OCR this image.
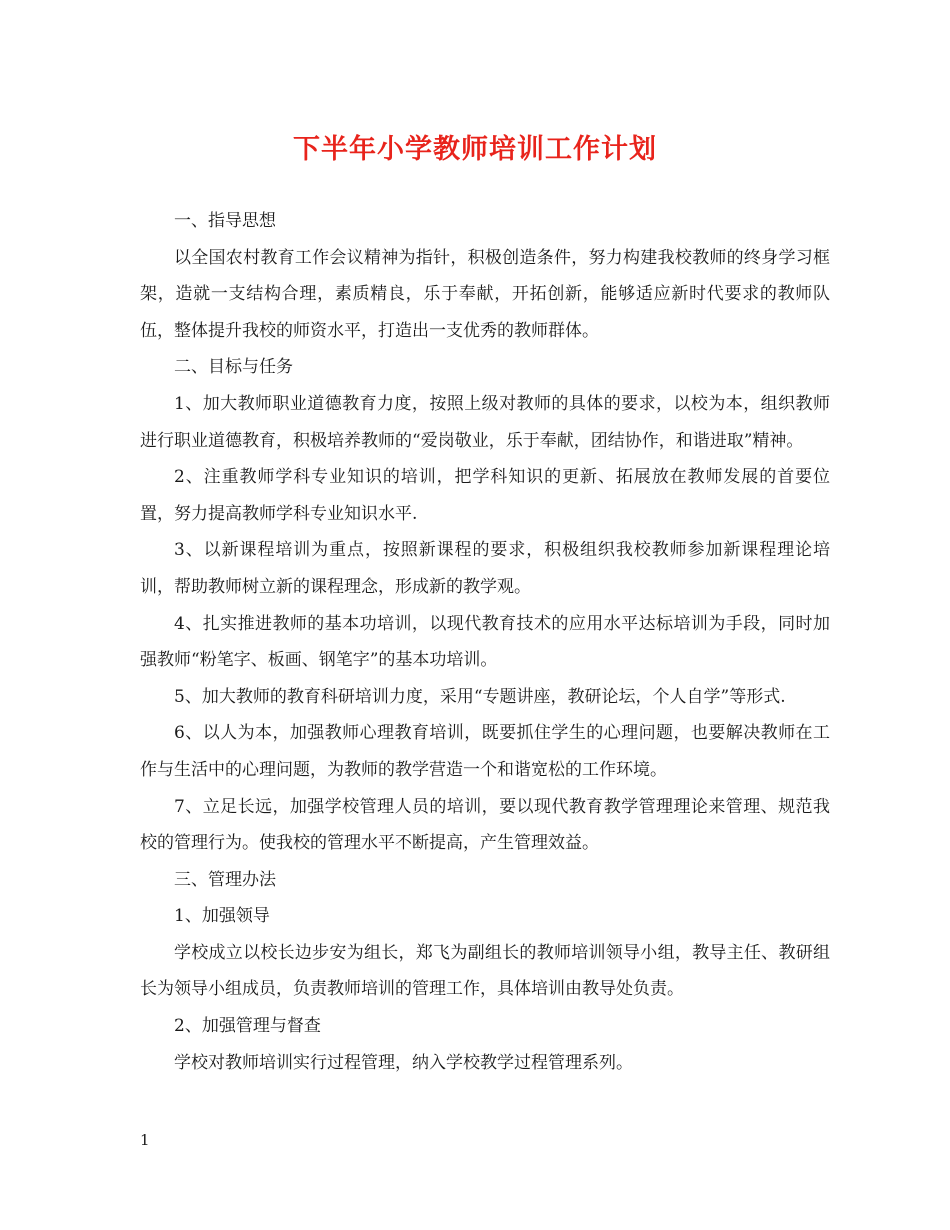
下半年小学教师培训工作计划

一、指导思想

以全国农村教育工作会议精神为指针，积极创造条件，努力构建我校教师的终身学习框架，造就一支结构合理，素质精良，乐于奉献，开拓创新，能够适应新时代要求的教师队伍，整体提升我校的师资水平，打造出一支优秀的教师群体。

二、目标与任务

1、加大教师职业道德教育力度，按照上级对教师的具体的要求，以校为本，组织教师进行职业道德教育，积极培养教师的“爱岗敬业，乐于奉献，团结协作，和谐进取”精神。

2、注重教师学科专业知识的培训，把学科知识的更新、拓展放在教师发展的首要位置，努力提高教师学科专业知识水平.

3、以新课程培训为重点，按照新课程的要求，积极组织我校教师参加新课程理论培训，帮助教师树立新的课程理念，形成新的教学观。

4、扎实推进教师的基本功培训，以现代教育技术的应用水平达标培训为手段，同时加强教师“粉笔字、板画、钢笔字”的基本功培训。

5、加大教师的教育科研培训力度，采用“专题讲座，教研论坛，个人自学”等形式.

6、以人为本，加强教师心理教育培训，既要抓住学生的心理问题，也要解决教师在工作与生活中的心理问题，为教师的教学营造一个和谐宽松的工作环境。

7、立足长远，加强学校管理人员的培训，要以现代教育教学管理理论来管理、规范我校的管理行为。使我校的管理水平不断提高，产生管理效益。

三、管理办法

1、加强领导

学校成立以校长边步安为组长，郑飞为副组长的教师培训领导小组，教导主任、教研组长为领导小组成员，负责教师培训的管理工作，具体培训由教导处负责。

2、加强管理与督查

学校对教师培训实行过程管理，纳入学校教学过程管理系列。

1
